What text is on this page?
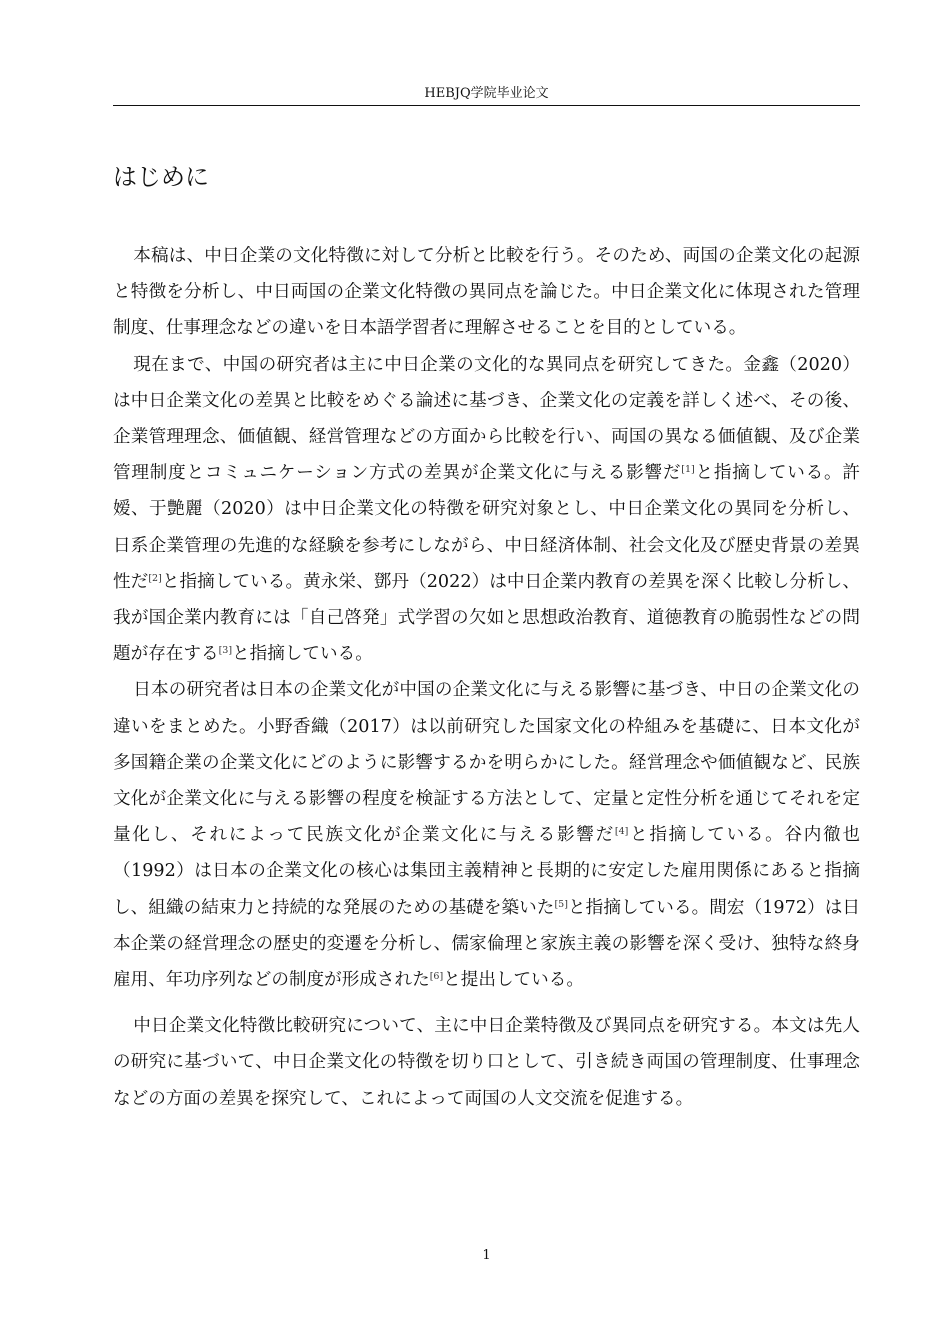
HEBJQ学院毕业论文
はじめに

本稿は、中日企業の文化特徴に対して分析と比較を行う。そのため、両国の企業文化の起源と特徴を分析し、中日両国の企業文化特徴の異同点を論じた。中日企業文化に体現された管理制度、仕事理念などの違いを日本語学習者に理解させることを目的としている。

現在まで、中国の研究者は主に中日企業の文化的な異同点を研究してきた。金鑫（2020）は中日企業文化の差異と比較をめぐる論述に基づき、企業文化の定義を詳しく述べ、その後、企業管理理念、価値観、経営管理などの方面から比較を行い、両国の異なる価値観、及び企業管理制度とコミュニケーション方式の差異が企業文化に与える影響だ[1]と指摘している。許嫒、于艶麗（2020）は中日企業文化の特徴を研究対象とし、中日企業文化の異同を分析し、日系企業管理の先進的な経験を参考にしながら、中日経済体制、社会文化及び歴史背景の差異性だ[2]と指摘している。黄永栄、鄧丹（2022）は中日企業内教育の差異を深く比較し分析し、我が国企業内教育には「自己啓発」式学習の欠如と思想政治教育、道徳教育の脆弱性などの問題が存在する[3]と指摘している。

日本の研究者は日本の企業文化が中国の企業文化に与える影響に基づき、中日の企業文化の違いをまとめた。小野香織（2017）は以前研究した国家文化の枠組みを基礎に、日本文化が多国籍企業の企業文化にどのように影響するかを明らかにした。経営理念や価値観など、民族文化が企業文化に与える影響の程度を検証する方法として、定量と定性分析を通じてそれを定量化し、それによって民族文化が企業文化に与える影響だ[4]と指摘している。谷内徹也（1992）は日本の企業文化の核心は集団主義精神と長期的に安定した雇用関係にあると指摘し、組織の結束力と持続的な発展のための基礎を築いた[5]と指摘している。間宏（1972）は日本企業の経営理念の歴史的変遷を分析し、儒家倫理と家族主義の影響を深く受け、独特な終身雇用、年功序列などの制度が形成された[6]と提出している。

中日企業文化特徴比較研究について、主に中日企業特徴及び異同点を研究する。本文は先人の研究に基づいて、中日企業文化の特徴を切り口として、引き続き両国の管理制度、仕事理念などの方面の差異を探究して、これによって両国の人文交流を促進する。

1
